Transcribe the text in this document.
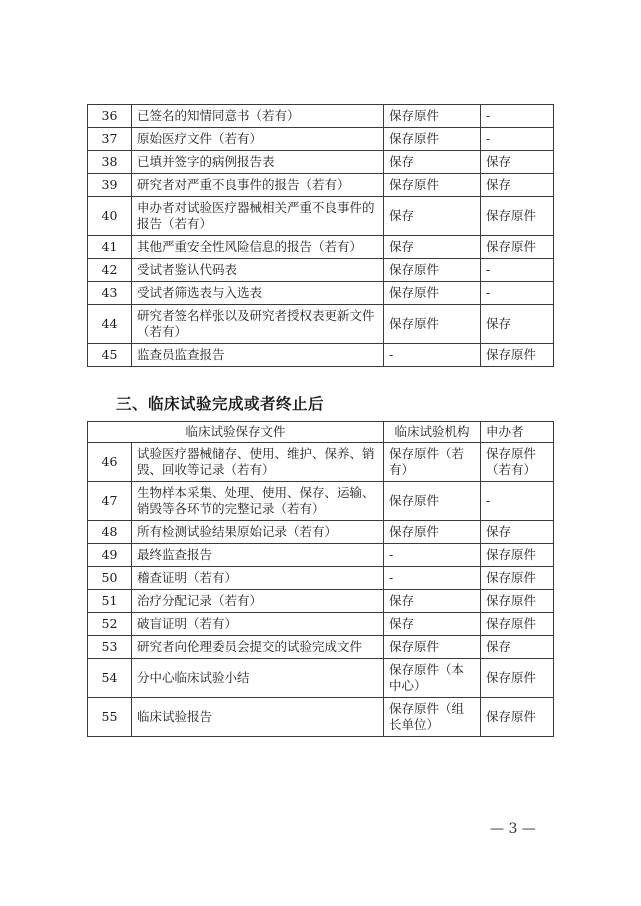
36	已签名的知情同意书（若有）	保存原件	-
37	原始医疗文件（若有）	保存原件	-
38	已填并签字的病例报告表	保存	保存
39	研究者对严重不良事件的报告（若有）	保存原件	保存
40	申办者对试验医疗器械相关严重不良事件的报告（若有）	保存	保存原件
41	其他严重安全性风险信息的报告（若有）	保存	保存原件
42	受试者鉴认代码表	保存原件	-
43	受试者筛选表与入选表	保存原件	-
44	研究者签名样张以及研究者授权表更新文件（若有）	保存原件	保存
45	监查员监查报告	-	保存原件
三、临床试验完成或者终止后
临床试验保存文件		临床试验机构	申办者
46	试验医疗器械储存、使用、维护、保养、销毁、回收等记录（若有）	保存原件（若有）	保存原件（若有）
47	生物样本采集、处理、使用、保存、运输、销毁等各环节的完整记录（若有）	保存原件	-
48	所有检测试验结果原始记录（若有）	保存原件	保存
49	最终监查报告	-	保存原件
50	稽查证明（若有）	-	保存原件
51	治疗分配记录（若有）	保存	保存原件
52	破盲证明（若有）	保存	保存原件
53	研究者向伦理委员会提交的试验完成文件	保存原件	保存
54	分中心临床试验小结	保存原件（本中心）	保存原件
55	临床试验报告	保存原件（组长单位）	保存原件
— 3 —
